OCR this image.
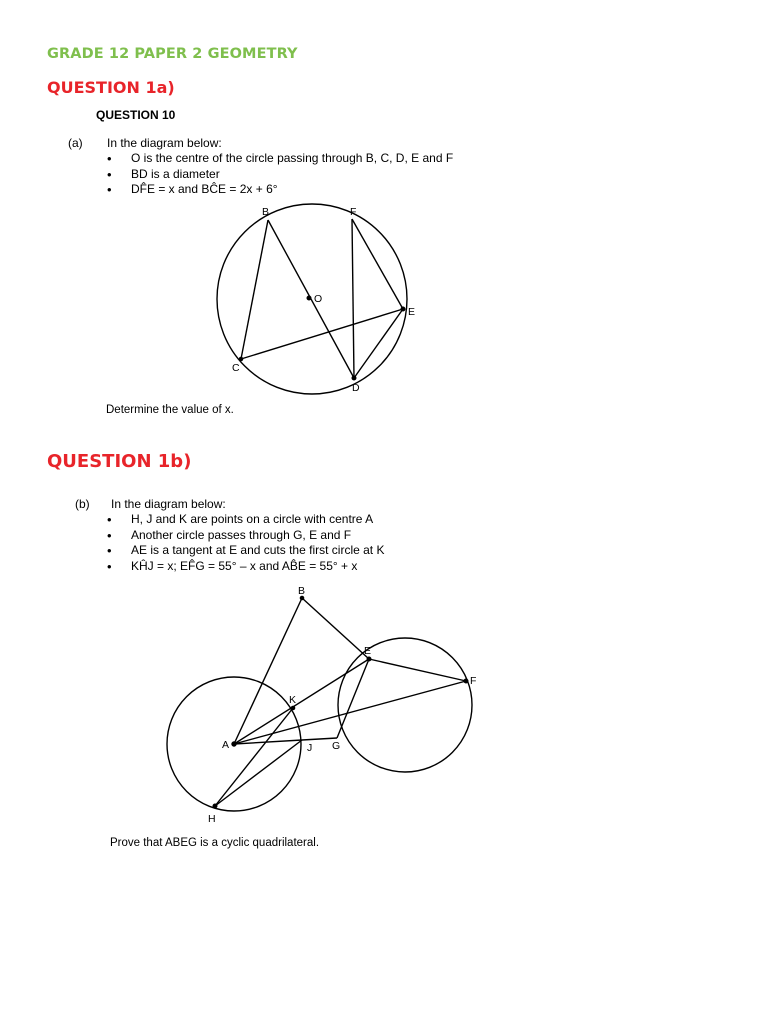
GRADE 12 PAPER 2 GEOMETRY
QUESTION 1a)
QUESTION 10
(a) In the diagram below:
• O is the centre of the circle passing through B, C, D, E and F
• BD is a diameter
• DF̂E = x and BĈE = 2x + 6°
B	F
O
E
C
D
B
E
F
K
A	J G
H
Determine the value of x.
QUESTION 1b)
(b) In the diagram below:
• H, J and K are points on a circle with centre A
• Another circle passes through G, E and F
• AE is a tangent at E and cuts the first circle at K
• KĤJ = x; EF̂G = 55° – x and AB̂E = 55° + x
Prove that ABEG is a cyclic quadrilateral.
